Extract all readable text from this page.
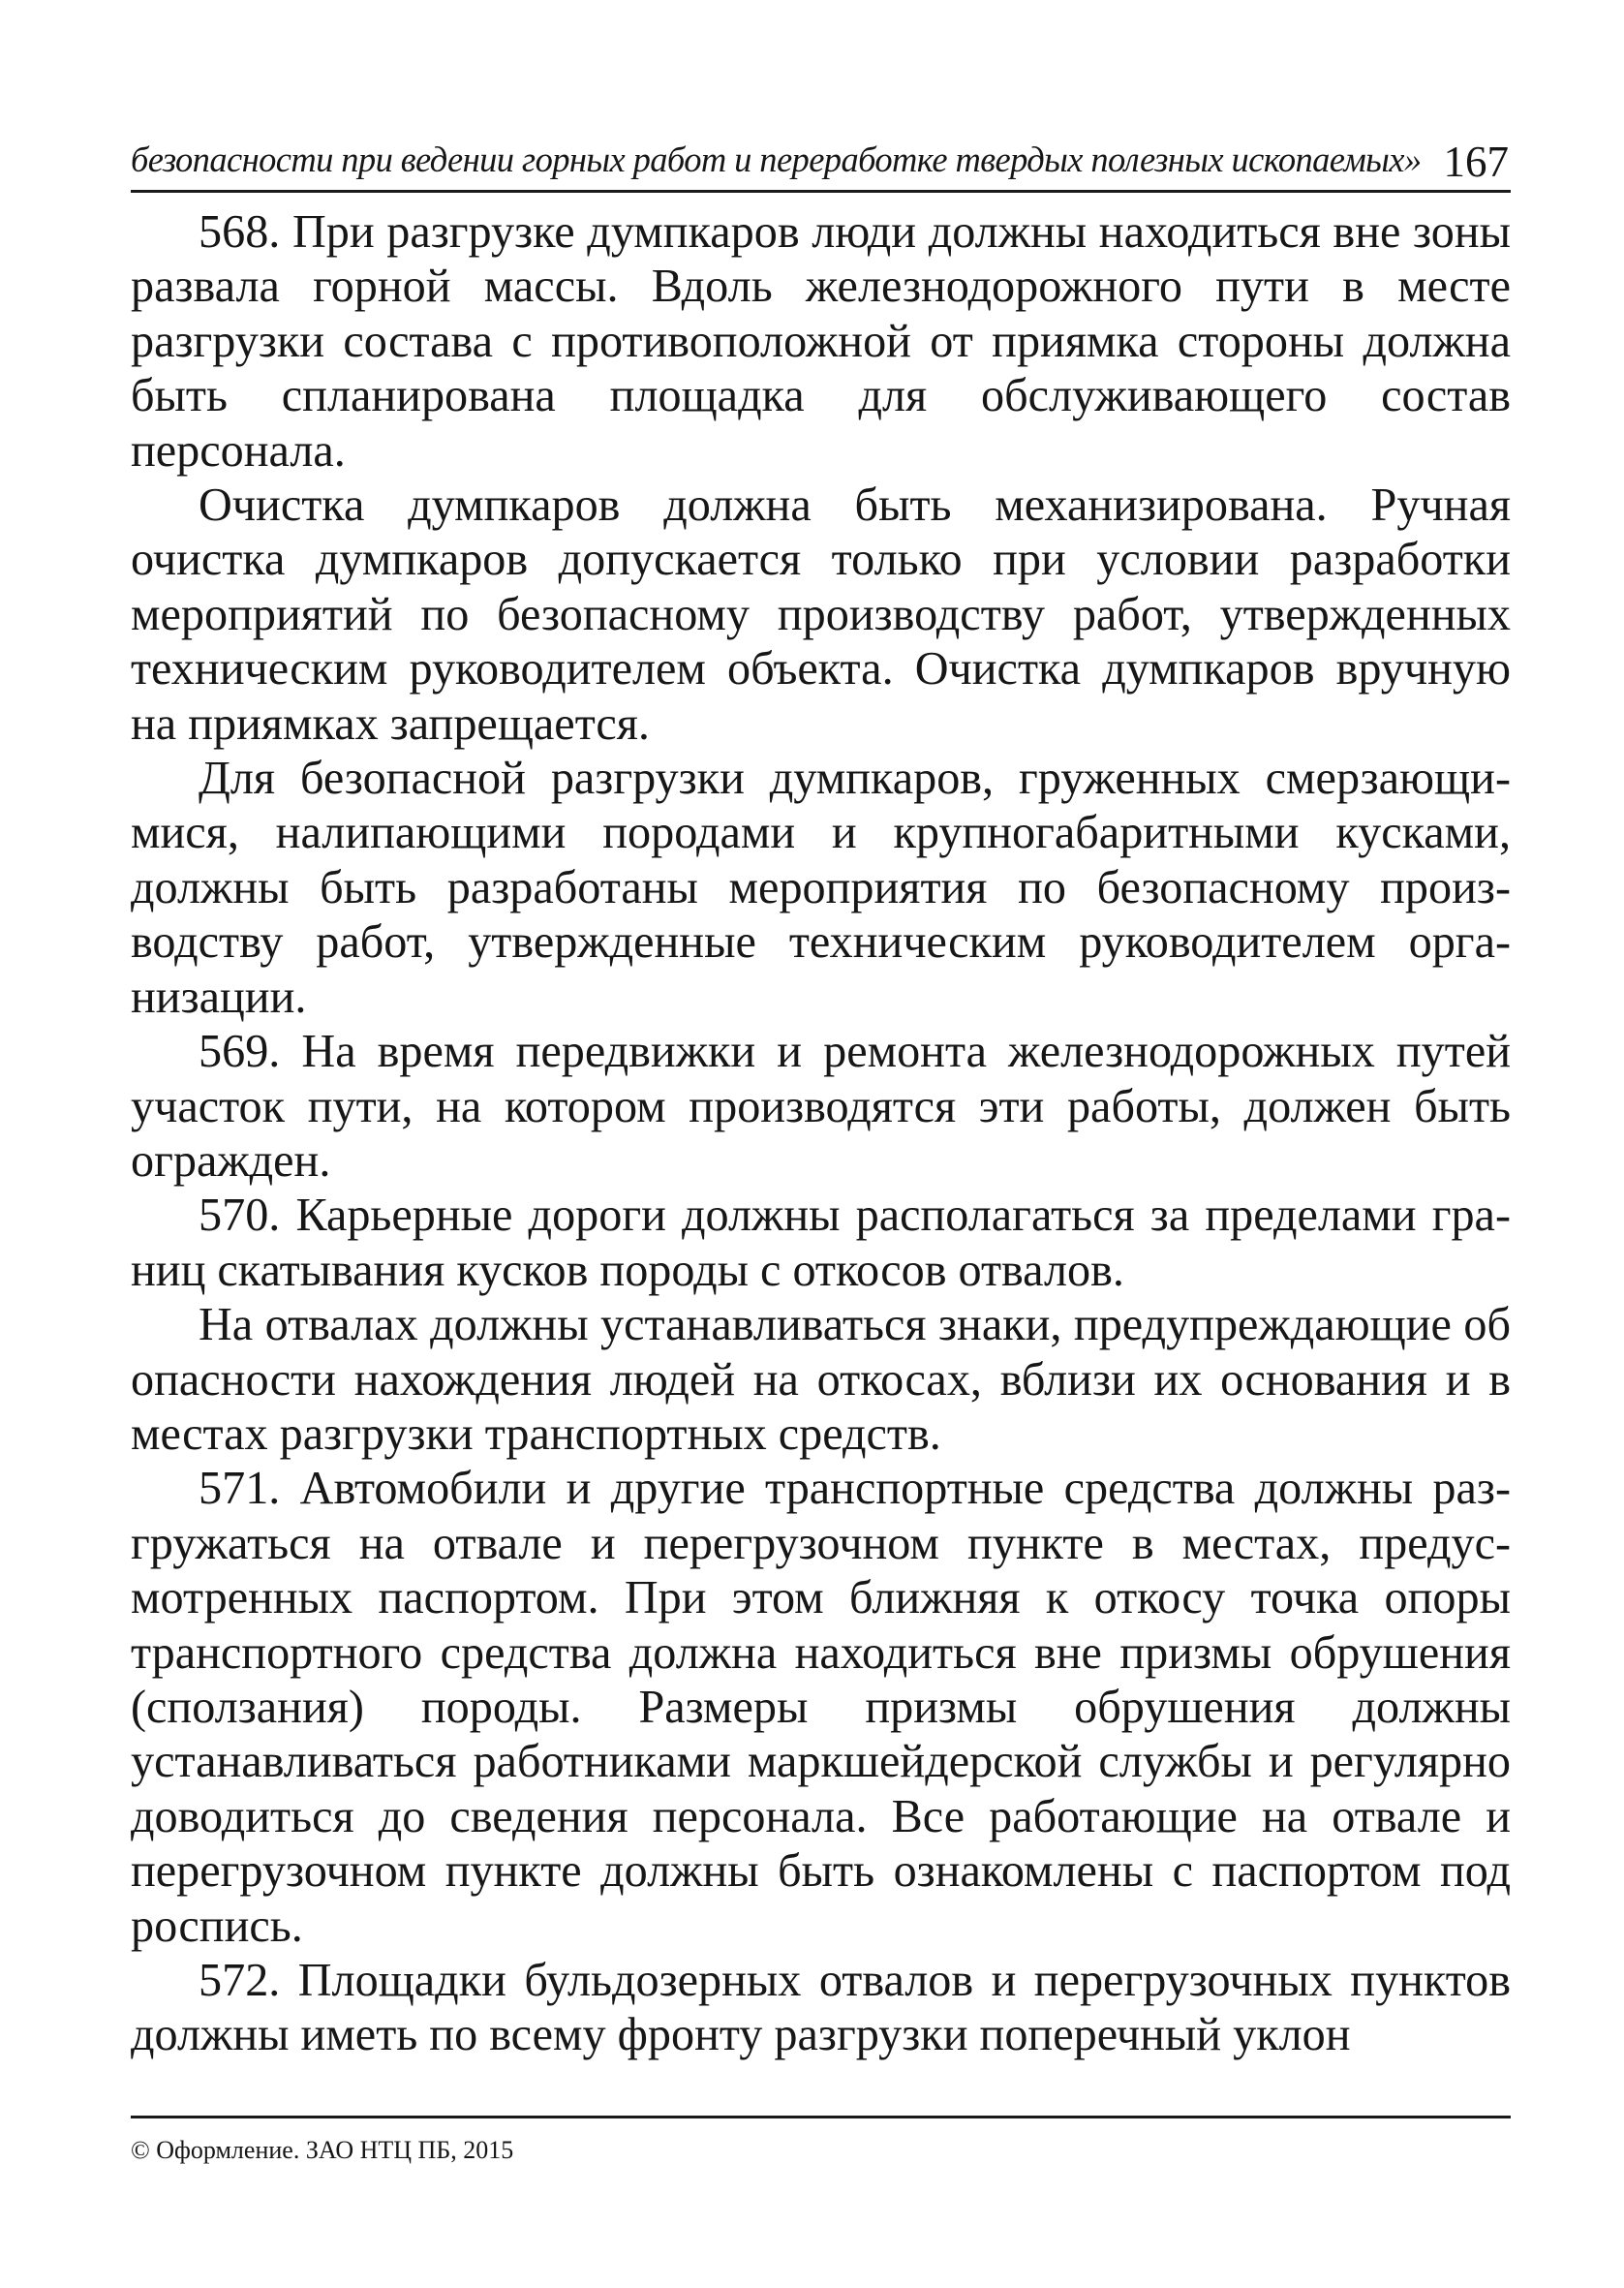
безопасности при ведении горных работ и переработке твердых полезных ископаемых» 167

568. При разгрузке думпкаров люди должны находиться вне зоны развала горной массы. Вдоль железнодорожного пути в месте разгрузки состава с противоположной от приямка стороны должна быть спланирована площадка для обслуживающего состав персонала.

Очистка думпкаров должна быть механизирована. Ручная очистка думпкаров допускается только при условии разработки мероприятий по безопасному производству работ, утвержденных техническим руководителем объекта. Очистка думпкаров вручную на приямках запрещается.

Для безопасной разгрузки думпкаров, груженных смерзающимися, налипающими породами и крупногабаритными кусками, должны быть разработаны мероприятия по безопасному производству работ, утвержденные техническим руководителем организации.

569. На время передвижки и ремонта железнодорожных путей участок пути, на котором производятся эти работы, должен быть огражден.

570. Карьерные дороги должны располагаться за пределами границ скатывания кусков породы с откосов отвалов.

На отвалах должны устанавливаться знаки, предупреждающие об опасности нахождения людей на откосах, вблизи их основания и в местах разгрузки транспортных средств.

571. Автомобили и другие транспортные средства должны разгружаться на отвале и перегрузочном пункте в местах, предусмотренных паспортом. При этом ближняя к откосу точка опоры транспортного средства должна находиться вне призмы обрушения (сползания) породы. Размеры призмы обрушения должны устанавливаться работниками маркшейдерской службы и регулярно доводиться до сведения персонала. Все работающие на отвале и перегрузочном пункте должны быть ознакомлены с паспортом под роспись.

572. Площадки бульдозерных отвалов и перегрузочных пунктов должны иметь по всему фронту разгрузки поперечный уклон

© Оформление. ЗАО НТЦ ПБ, 2015
